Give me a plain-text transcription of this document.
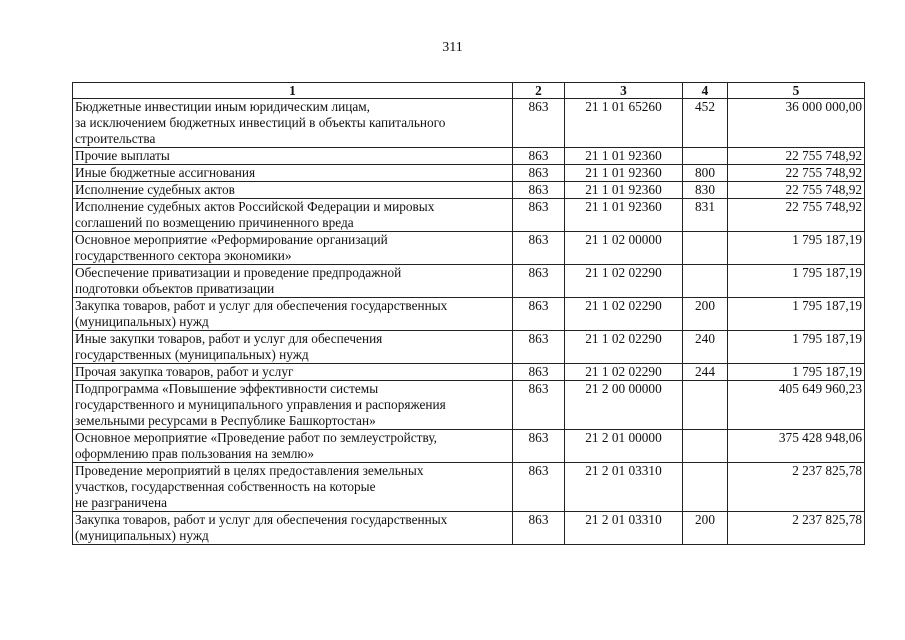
311
1	2	3	4	5
Бюджетные инвестиции иным юридическим лицам,
за исключением бюджетных инвестиций в объекты капитального
строительства	863	21 1 01 65260	452	36 000 000,00
Прочие выплаты	863	21 1 01 92360		22 755 748,92
Иные бюджетные ассигнования	863	21 1 01 92360	800	22 755 748,92
Исполнение судебных актов	863	21 1 01 92360	830	22 755 748,92
Исполнение судебных актов Российской Федерации и мировых
соглашений по возмещению причиненного вреда	863	21 1 01 92360	831	22 755 748,92
Основное мероприятие «Реформирование организаций
государственного сектора экономики»	863	21 1 02 00000		1 795 187,19
Обеспечение приватизации и проведение предпродажной
подготовки объектов приватизации	863	21 1 02 02290		1 795 187,19
Закупка товаров, работ и услуг для обеспечения государственных
(муниципальных) нужд	863	21 1 02 02290	200	1 795 187,19
Иные закупки товаров, работ и услуг для обеспечения
государственных (муниципальных) нужд	863	21 1 02 02290	240	1 795 187,19
Прочая закупка товаров, работ и услуг	863	21 1 02 02290	244	1 795 187,19
Подпрограмма «Повышение эффективности системы
государственного и муниципального управления и распоряжения
земельными ресурсами в Республике Башкортостан»	863	21 2 00 00000		405 649 960,23
Основное мероприятие «Проведение работ по землеустройству,
оформлению прав пользования на землю»	863	21 2 01 00000		375 428 948,06
Проведение мероприятий в целях предоставления земельных
участков, государственная собственность на которые
не разграничена	863	21 2 01 03310		2 237 825,78
Закупка товаров, работ и услуг для обеспечения государственных
(муниципальных) нужд	863	21 2 01 03310	200	2 237 825,78
